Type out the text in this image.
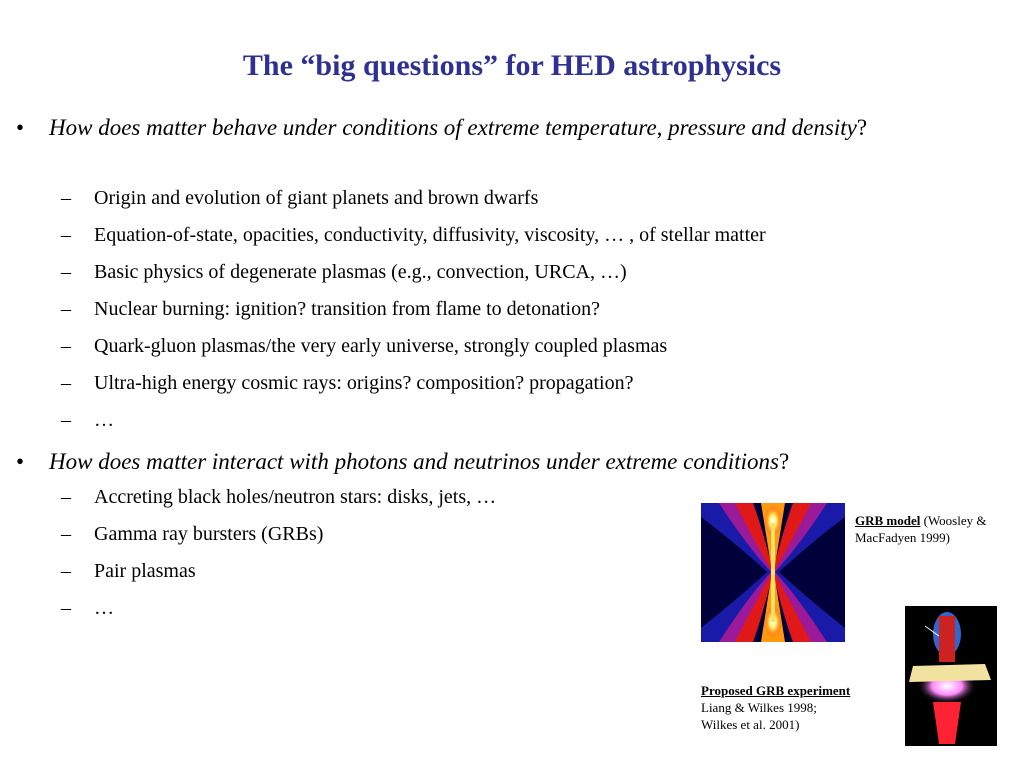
The “big questions” for HED astrophysics
• How does matter behave under conditions of extreme temperature, pressure and density?
– Origin and evolution of giant planets and brown dwarfs
– Equation-of-state, opacities, conductivity, diffusivity, viscosity, … , of stellar matter
– Basic physics of degenerate plasmas (e.g., convection, URCA, …)
– Nuclear burning: ignition? transition from flame to detonation?
– Quark-gluon plasmas/the very early universe, strongly coupled plasmas
– Ultra-high energy cosmic rays: origins? composition? propagation?
– …
• How does matter interact with photons and neutrinos under extreme conditions?
– Accreting black holes/neutron stars: disks, jets, …
– Gamma ray bursters (GRBs)
– Pair plasmas
– …
GRB model (Woosley & MacFadyen 1999)
Proposed GRB experiment
Liang & Wilkes 1998;
Wilkes et al. 2001)
